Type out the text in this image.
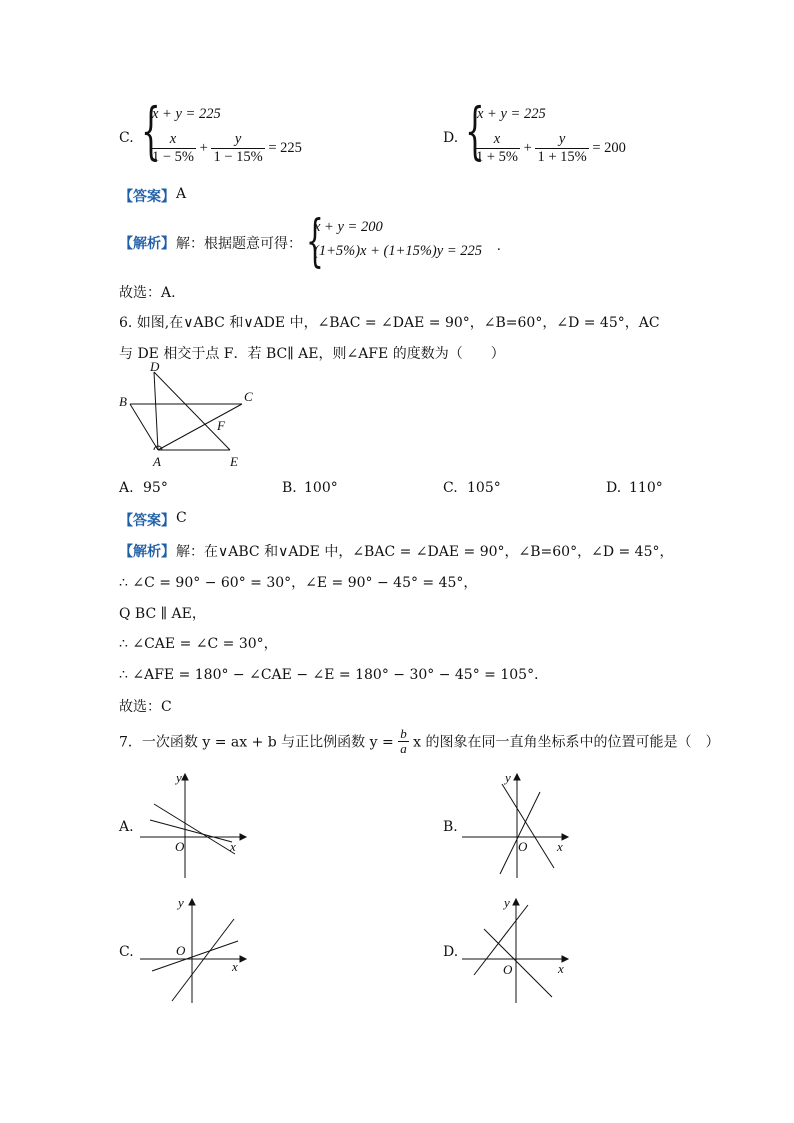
C. {
x + y = 225
$\frac{x}{1 - 5\%} + \frac{y}{1 - 15\%} = 225$
D. {
x + y = 225
$\frac{x}{1 + 5\%} + \frac{y}{1 + 15\%} = 200$
【答案】 A
【解析】 解：根据题意可得： {
x + y = 200
(1+5%)x + (1+15%)y = 225 .
故选：A.
6. 如图,在∨ABC 和∨ADE 中，∠BAC = ∠DAE = 90°，∠B=60°，∠D = 45°，AC
与 DE 相交于点 F．若 BC∥ AE，则∠AFE 的度数为（　　）
D
B	C
F
A	E
A. 95°	B. 100°	C. 105°	D. 110°
【答案】 C
【解析】 解：在∨ABC 和∨ADE 中，∠BAC = ∠DAE = 90°，∠B=60°，∠D = 45°，
∴ ∠C = 90° − 60° = 30°，∠E = 90° − 45° = 45°，
Q BC ∥ AE，
∴ ∠CAE = ∠C = 30°，
∴ ∠AFE = 180° − ∠CAE − ∠E = 180° − 30° − 45° = 105°．
故选：C
7．一次函数 y = ax + b 与正比例函数 $y = \frac{b}{a}$ x 的图象在同一直角坐标系中的位置可能是（　）
A.
y
x
O
B.
y
x
O
C.
y
x
O	D.
y
x
O
